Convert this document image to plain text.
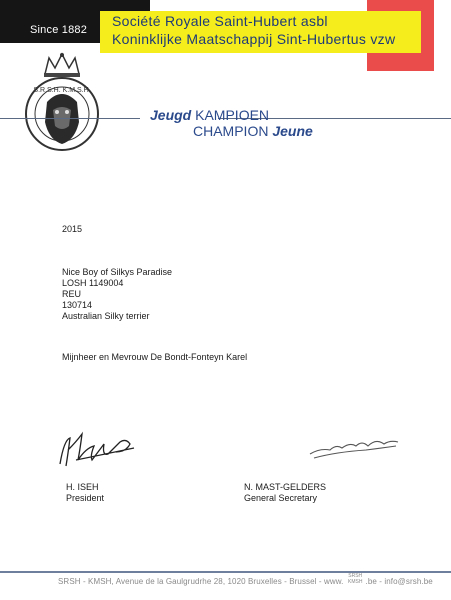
Since 1882
Société Royale Saint-Hubert asbl
Koninklijke Maatschappij Sint-Hubertus vzw
S.R.S.H. K.M.S.H.
Jeugd KAMPIOEN
CHAMPION Jeune
2015
Nice Boy of Silkys Paradise
LOSH 1149004
REU
130714
Australian Silky terrier
Mijnheer en Mevrouw De Bondt-Fonteyn Karel
H. ISEH
President
N. MAST-GELDERS
General Secretary
SRSH - KMSH, Avenue de la Gaulgrudrhe 28, 1020 Bruxelles - Brussel - www.	.be - info@srsh.be
SRSH
KMSH
